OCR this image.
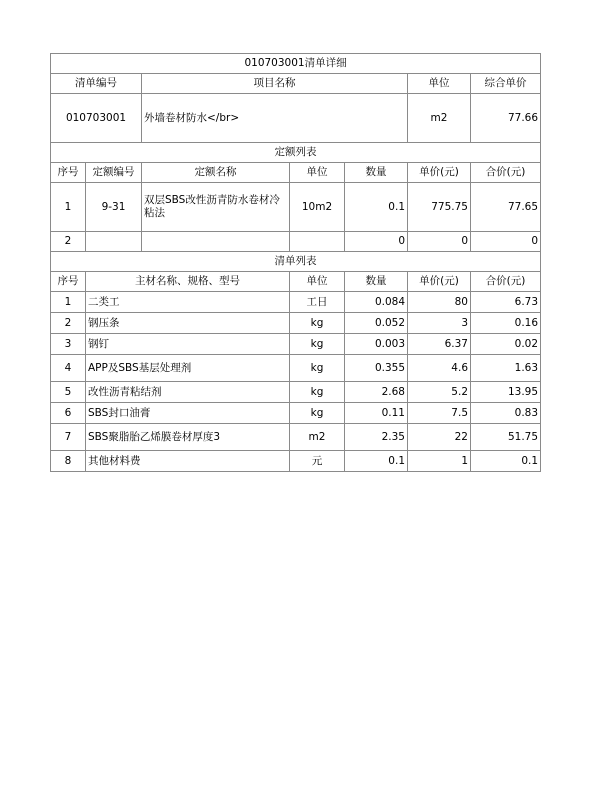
010703001清单详细						
清单编号		项目名称			单位	综合单价
010703001		外墙卷材防水</br>			m2	77.66
定额列表						
序号	定额编号	定额名称	单位	数量	单价(元)	合价(元)
1	9-31	双层SBS改性沥青防水卷材冷粘法	10m2	0.1	775.75	77.65
2				0	0	0
清单列表						
序号	主材名称、规格、型号		单位	数量	单价(元)	合价(元)
1	二类工		工日	0.084	80	6.73
2	钢压条		kg	0.052	3	0.16
3	钢钉		kg	0.003	6.37	0.02
4	APP及SBS基层处理剂		kg	0.355	4.6	1.63
5	改性沥青粘结剂		kg	2.68	5.2	13.95
6	SBS封口油膏		kg	0.11	7.5	0.83
7	SBS聚脂胎乙烯膜卷材厚度3		m2	2.35	22	51.75
8	其他材料费		元	0.1	1	0.1
